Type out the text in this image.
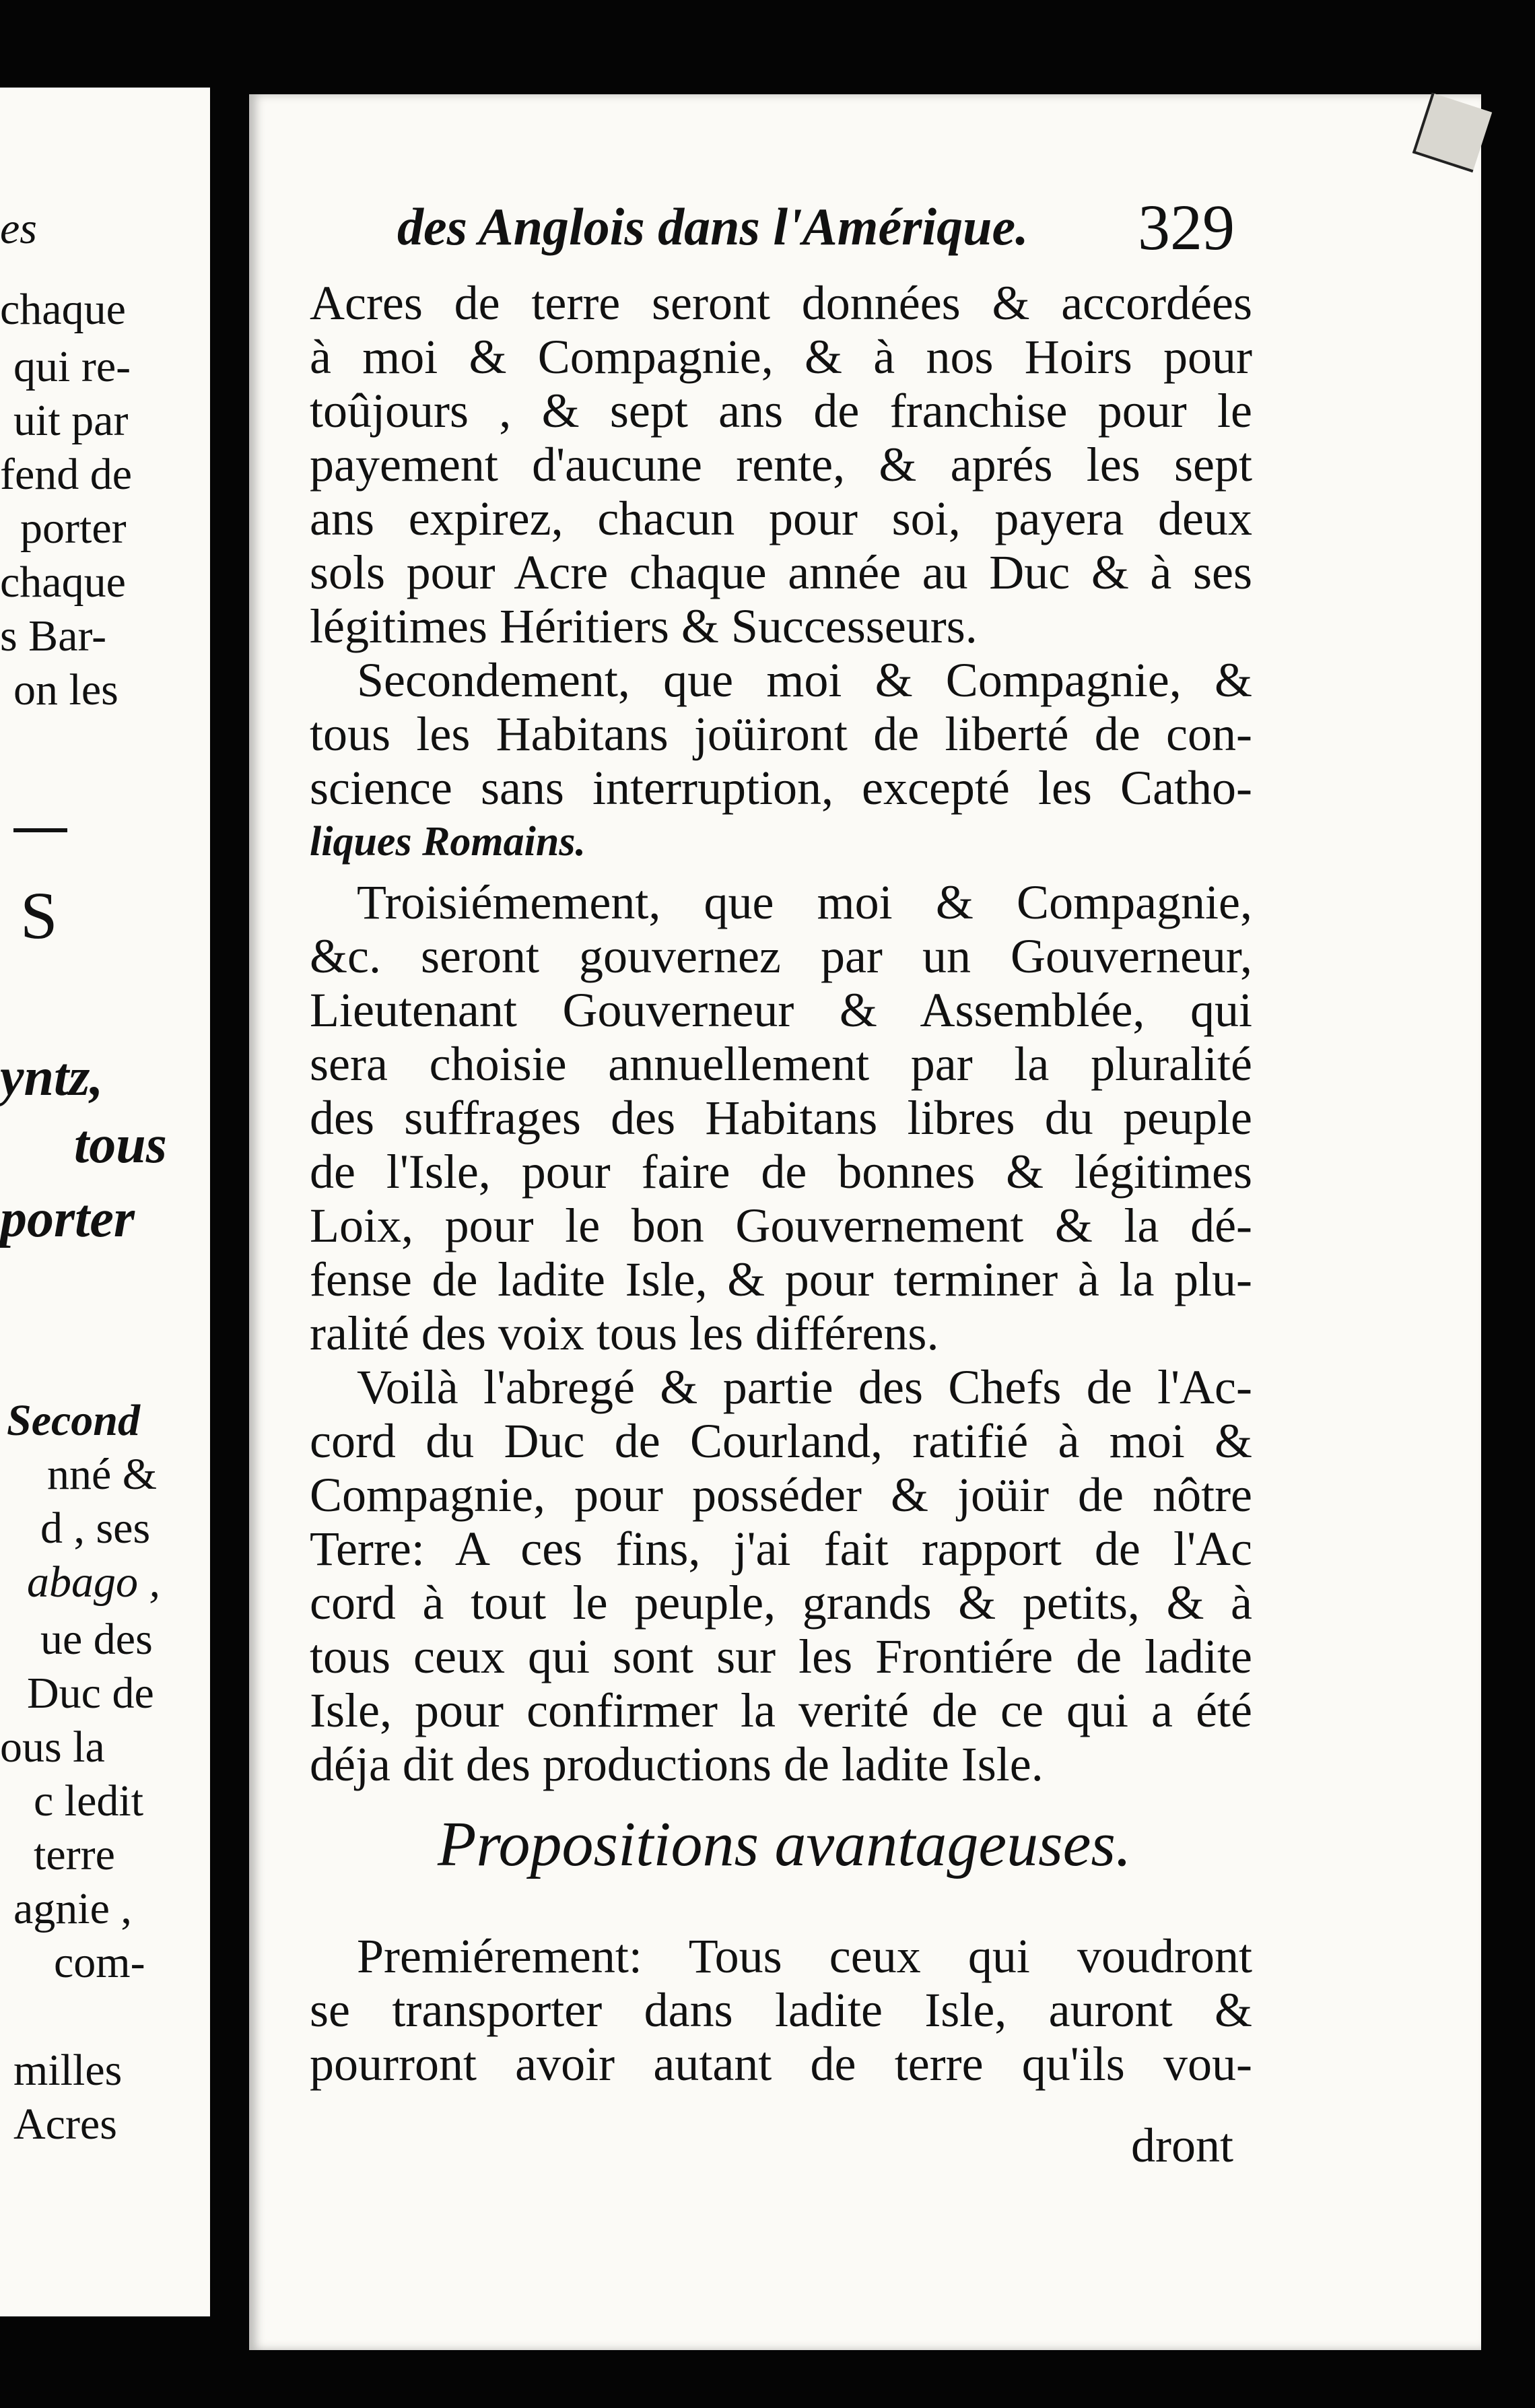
es
chaque
qui re-
uit par
fend de
porter
chaque
s Bar-
on les
S
yntz,
tous
porter
Second
nné &
d , ses
abago ,
ue des
Duc de
ous la
c ledit
terre
agnie ,
com-
milles
Acres
des Anglois dans l'Amérique. 329
Acres de terre seront données & accordées
à moi & Compagnie, & à nos Hoirs pour
toûjours , & sept ans de franchise pour le
payement d'aucune rente, & aprés les sept
ans expirez, chacun pour soi, payera deux
sols pour Acre chaque année au Duc & à ses
légitimes Héritiers & Successeurs.
Secondement, que moi & Compagnie, &
tous les Habitans joüiront de liberté de con-
science sans interruption, excepté les Catho-
liques Romains.
Troisiémement, que moi & Compagnie,
&c. seront gouvernez par un Gouverneur,
Lieutenant Gouverneur & Assemblée, qui
sera choisie annuellement par la pluralité
des suffrages des Habitans libres du peuple
de l'Isle, pour faire de bonnes & légitimes
Loix, pour le bon Gouvernement & la dé-
fense de ladite Isle, & pour terminer à la plu-
ralité des voix tous les différens.
Voilà l'abregé & partie des Chefs de l'Ac-
cord du Duc de Courland, ratifié à moi &
Compagnie, pour posséder & joüir de nôtre
Terre: A ces fins, j'ai fait rapport de l'Ac
cord à tout le peuple, grands & petits, & à
tous ceux qui sont sur les Frontiére de ladite
Isle, pour confirmer la verité de ce qui a été
déja dit des productions de ladite Isle.
Propositions avantageuses.
Premiérement: Tous ceux qui voudront
se transporter dans ladite Isle, auront &
pourront avoir autant de terre qu'ils vou-
dront
